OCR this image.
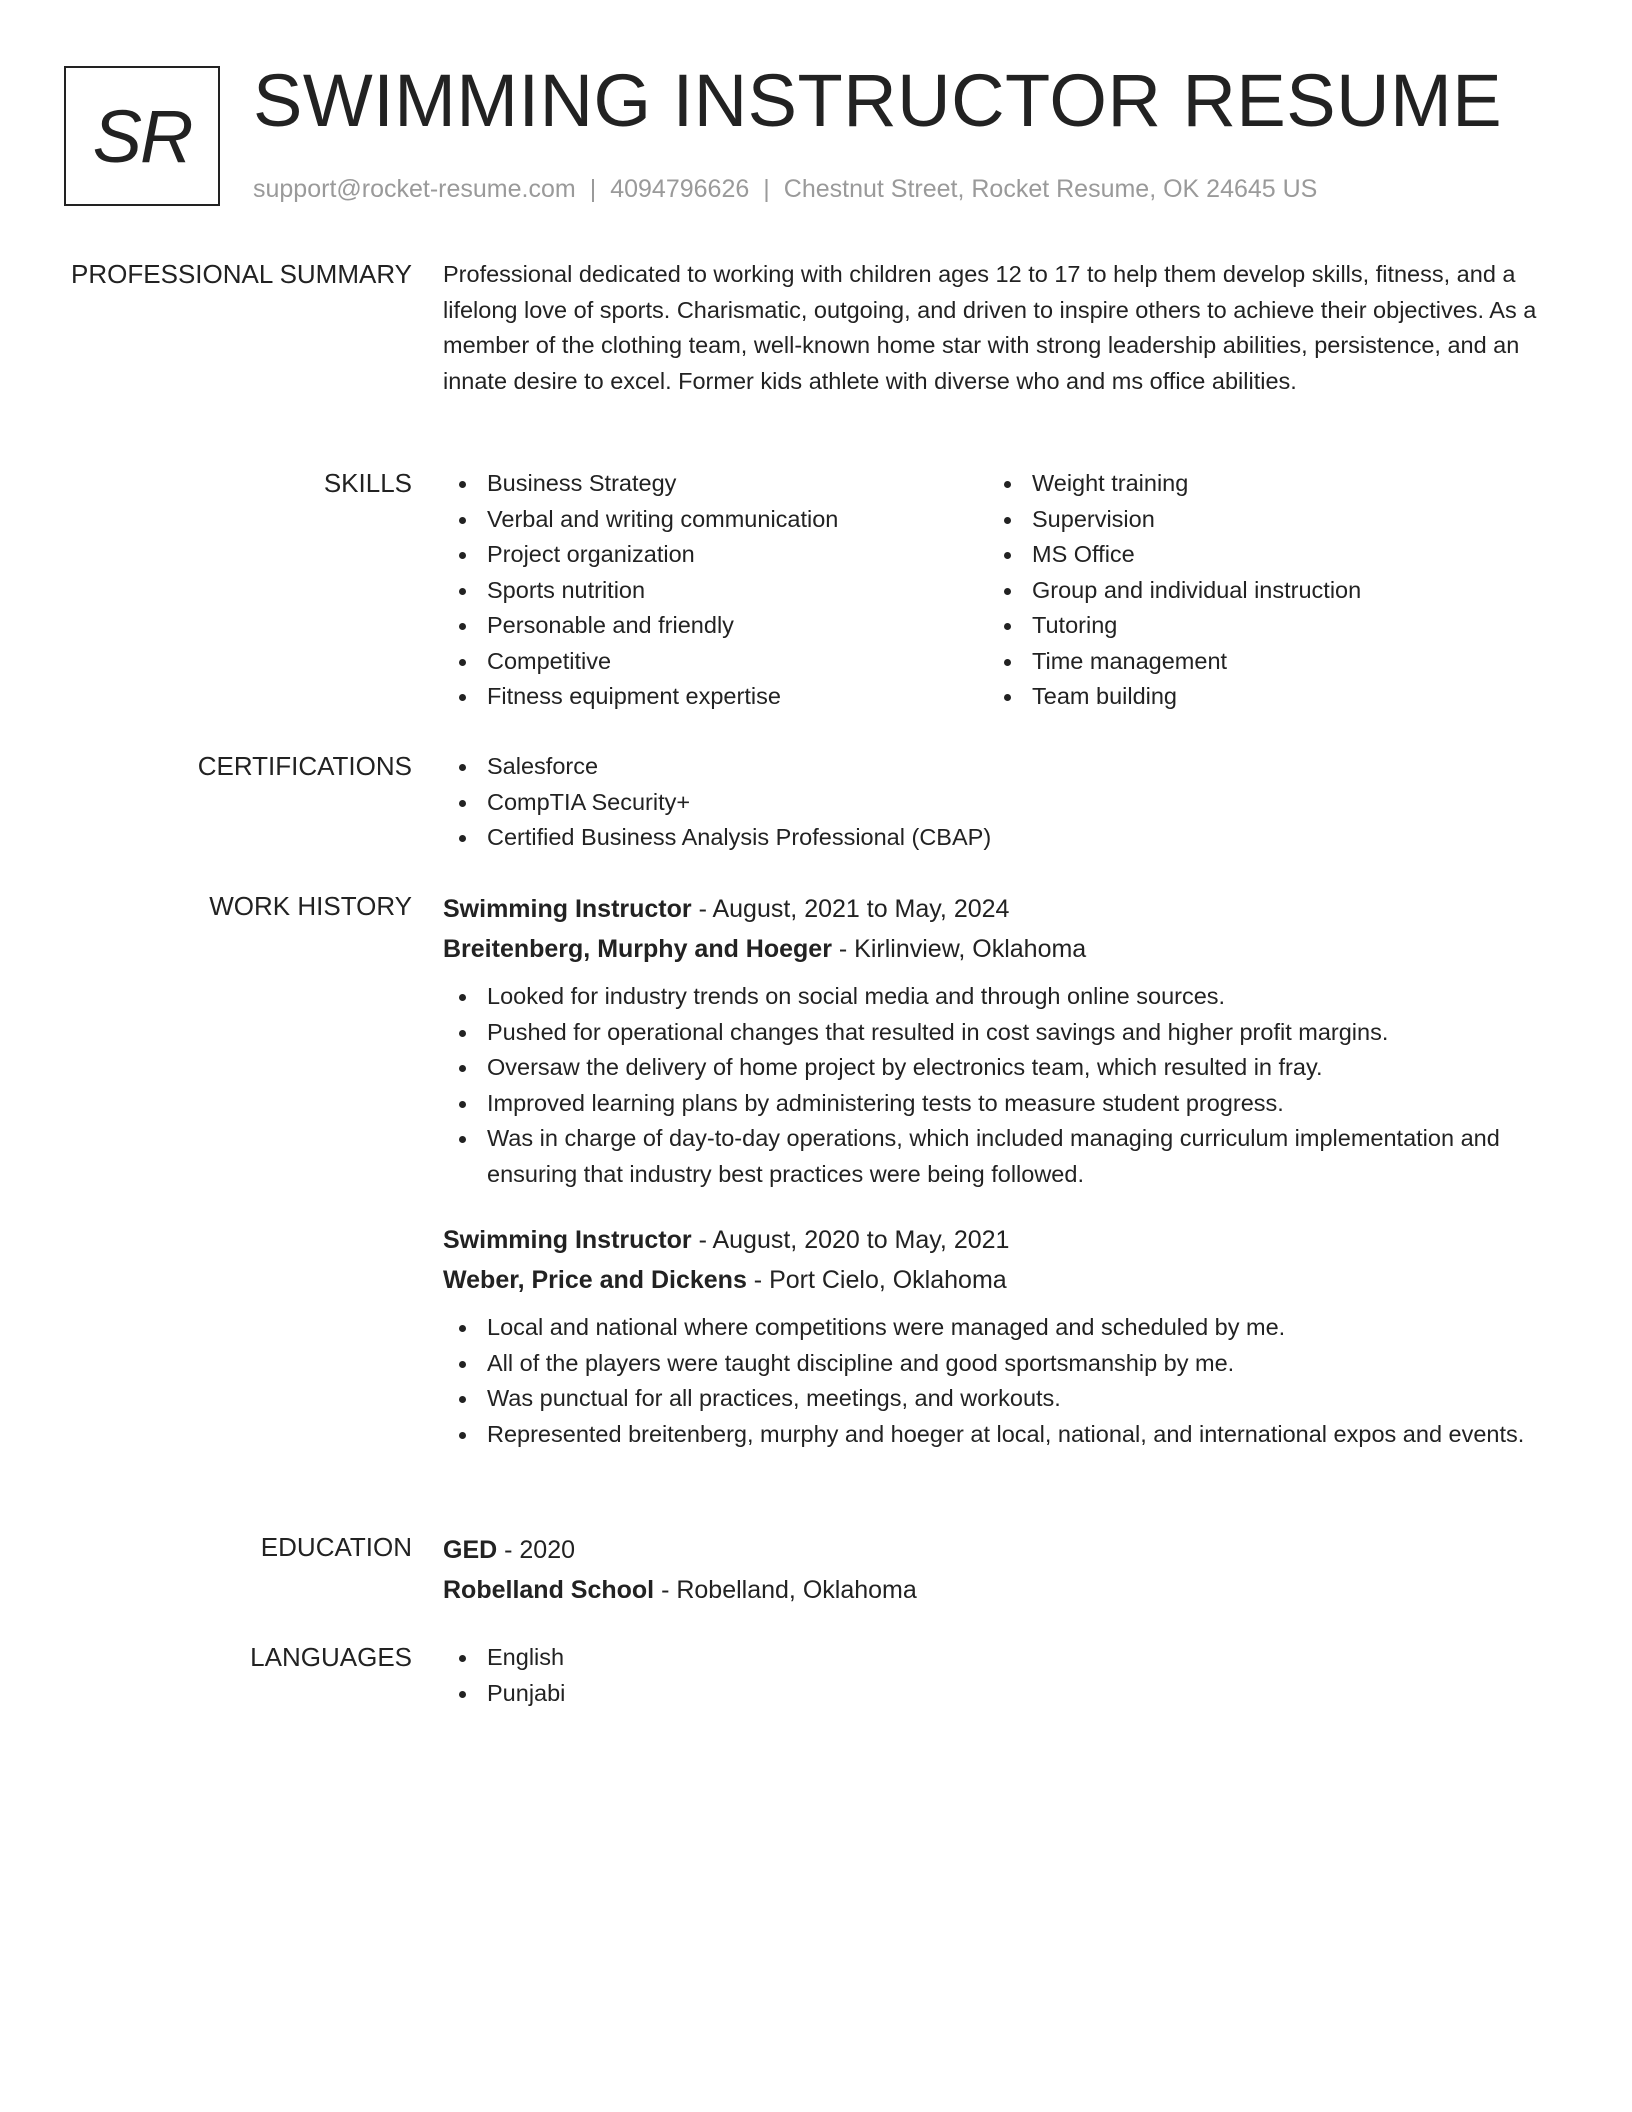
SR SWIMMING INSTRUCTOR RESUME
support@rocket-resume.com | 4094796626 | Chestnut Street, Rocket Resume, OK 24645 US
PROFESSIONAL SUMMARY Professional dedicated to working with children ages 12 to 17 to help them develop skills, fitness, and a lifelong love of sports. Charismatic, outgoing, and driven to inspire others to achieve their objectives. As a member of the clothing team, well-known home star with strong leadership abilities, persistence, and an innate desire to excel. Former kids athlete with diverse who and ms office abilities.

SKILLS	Business Strategy
Verbal and writing communication
Project organization
Sports nutrition
Personable and friendly
Competitive
Fitness equipment expertise
Weight training
Supervision
MS Office
Group and individual instruction
Tutoring
Time management
Team building
CERTIFICATIONS	Salesforce
CompTIA Security+
Certified Business Analysis Professional (CBAP)
WORK HISTORY Swimming Instructor - August, 2021 to May, 2024
Breitenberg, Murphy and Hoeger - Kirlinview, Oklahoma
Looked for industry trends on social media and through online sources.
Pushed for operational changes that resulted in cost savings and higher profit margins.
Oversaw the delivery of home project by electronics team, which resulted in fray.
Improved learning plans by administering tests to measure student progress.
Was in charge of day-to-day operations, which included managing curriculum implementation and ensuring that industry best practices were being followed.
Swimming Instructor - August, 2020 to May, 2021
Weber, Price and Dickens - Port Cielo, Oklahoma
Local and national where competitions were managed and scheduled by me.
All of the players were taught discipline and good sportsmanship by me.
Was punctual for all practices, meetings, and workouts.
Represented breitenberg, murphy and hoeger at local, national, and international expos and events.
EDUCATION GED - 2020
Robelland School - Robelland, Oklahoma
LANGUAGES	English
Punjabi
